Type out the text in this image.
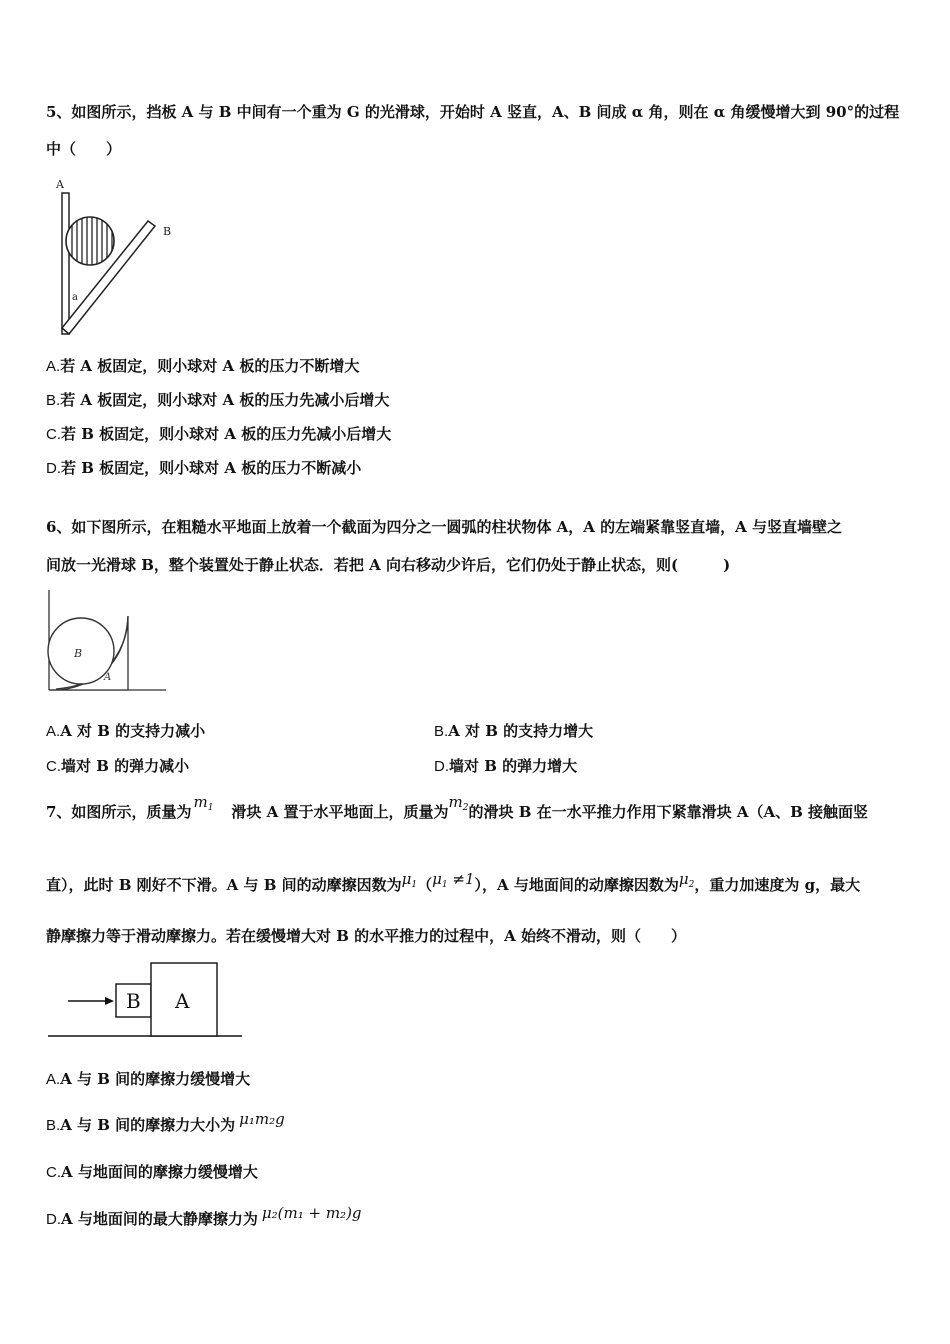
5、如图所示，挡板 A 与 B 中间有一个重为 G 的光滑球，开始时 A 竖直，A、B 间成 α 角，则在 α 角缓慢增大到 90°的过程
中（　　）
A
B
a
A.若 A 板固定，则小球对 A 板的压力不断增大
B.若 A 板固定，则小球对 A 板的压力先减小后增大
C.若 B 板固定，则小球对 A 板的压力先减小后增大
D.若 B 板固定，则小球对 A 板的压力不断减小
6、如下图所示，在粗糙水平地面上放着一个截面为四分之一圆弧的柱状物体 A，A 的左端紧靠竖直墙，A 与竖直墙壁之
间放一光滑球 B，整个装置处于静止状态．若把 A 向右移动少许后，它们仍处于静止状态，则(　　　)
B
A
A.A 对 B 的支持力减小	B.A 对 B 的支持力增大
C.墙对 B 的弹力减小	D.墙对 B 的弹力增大
7、如图所示，质量为$m_1$ 滑块 A 置于水平地面上，质量为$m_2$的滑块 B 在一水平推力作用下紧靠滑块 A（A、B 接触面竖
直），此时 B 刚好不下滑。A 与 B 间的动摩擦因数为$\mu_1(\mu_1 \ne 1)$，A 与地面间的动摩擦因数为$\mu_2$，重力加速度为 g，最大
静摩擦力等于滑动摩擦力。若在缓慢增大对 B 的水平推力的过程中，A 始终不滑动，则（　　）
B A
A.A 与 B 间的摩擦力缓慢增大
B.A 与 B 间的摩擦力大小为 μ₁m₂g
C.A 与地面间的摩擦力缓慢增大
D.A 与地面间的最大静摩擦力为 μ₂(m₁ + m₂)g
